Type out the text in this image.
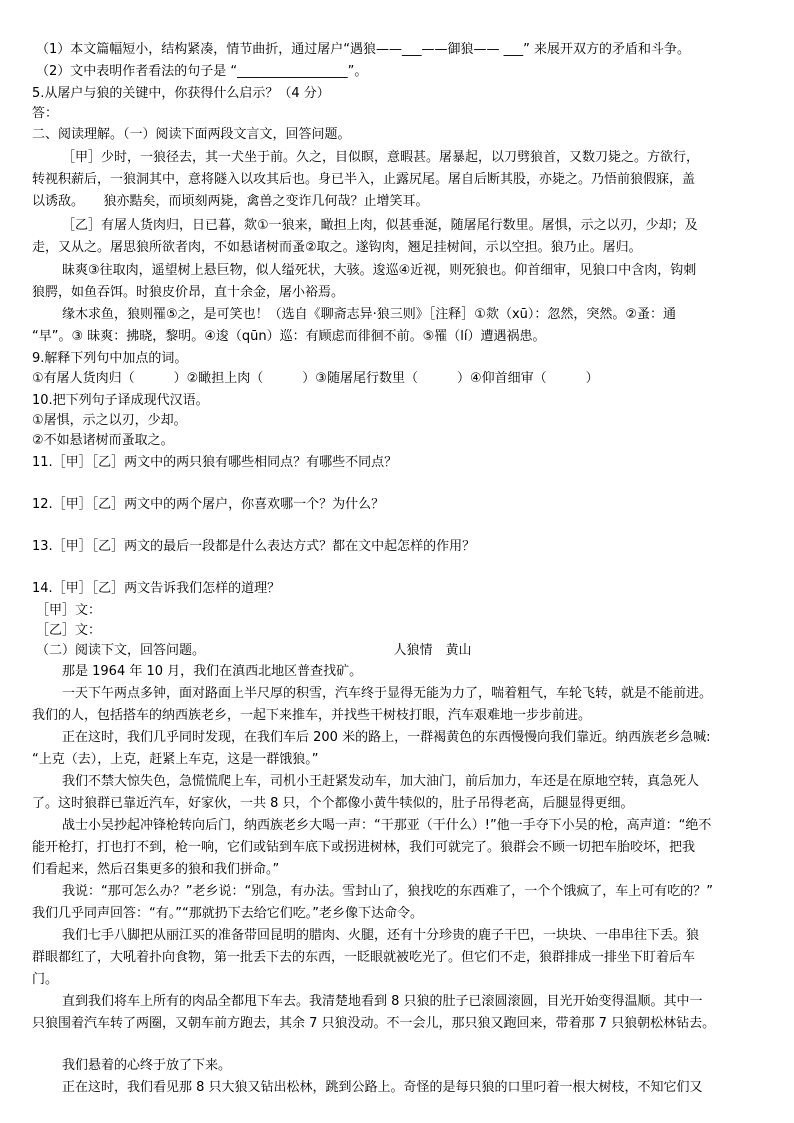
（1）本文篇幅短小，结构紧凑，情节曲折，通过屠户“遇狼——___——御狼—— ___” 来展开双方的矛盾和斗争。
（2）文中表明作者看法的句子是 “_________________”。
5.从屠户与狼的关键中，你获得什么启示？（4 分）
答：
二、阅读理解。（一）阅读下面两段文言文，回答问题。
［甲］少时，一狼径去，其一犬坐于前。久之，目似瞑，意暇甚。屠暴起，以刀劈狼首，又数刀毙之。方欲行，
转视积薪后，一狼洞其中，意将隧入以攻其后也。身已半入，止露尻尾。屠自后断其股，亦毙之。乃悟前狼假寐，盖
以诱敌。　　狼亦黠矣，而顷刻两毙，禽兽之变诈几何哉？止增笑耳。
［乙］有屠人货肉归，日已暮，欻①一狼来，瞰担上肉，似甚垂涎，随屠尾行数里。屠惧，示之以刃，少却；及
走，又从之。屠思狼所欲者肉，不如悬诸树而蚤②取之。遂钩肉，翘足挂树间，示以空担。狼乃止。屠归。
昧爽③往取肉，遥望树上悬巨物，似人缢死状，大骇。逡巡④近视，则死狼也。仰首细审，见狼口中含肉，钩刺
狼腭，如鱼吞饵。时狼皮价昂，直十余金，屠小裕焉。
缘木求鱼，狼则罹⑤之，是可笑也！（选自《聊斋志异·狼三则》［注释］①欻（xū）：忽然，突然。②蚤：通
“早”。③ 昧爽：拂晓，黎明。④逡（qūn）巡：有顾虑而徘徊不前。⑤罹（lí）遭遇祸患。
9.解释下列句中加点的词。
①有屠人货肉归（　　　）②瞰担上肉（　　　）③随屠尾行数里（　　　）④仰首细审（　　　）
10.把下列句子译成现代汉语。
①屠惧，示之以刃，少却。
②不如悬诸树而蚤取之。
11.［甲］［乙］两文中的两只狼有哪些相同点？有哪些不同点？
12.［甲］［乙］两文中的两个屠户，你喜欢哪一个？为什么？
13.［甲］［乙］两文的最后一段都是什么表达方式？都在文中起怎样的作用？
14.［甲］［乙］两文告诉我们怎样的道理？
［甲］文：
［乙］文：
（二）阅读下文，回答问题。　　　　　　　　　　　　　　　人狼情　黄山
那是 1964 年 10 月，我们在滇西北地区普查找矿。
一天下午两点多钟，面对路面上半尺厚的积雪，汽车终于显得无能为力了，喘着粗气，车轮飞转，就是不能前进。
我们的人，包括搭车的纳西族老乡，一起下来推车，并找些干树枝打眼，汽车艰难地一步步前进。
正在这时，我们几乎同时发现，在我们车后 200 米的路上，一群褐黄色的东西慢慢向我们靠近。纳西族老乡急喊:
“上克（去），上克，赶紧上车克，这是一群饿狼。”
我们不禁大惊失色，急慌慌爬上车，司机小王赶紧发动车，加大油门，前后加力，车还是在原地空转，真急死人
了。这时狼群已靠近汽车，好家伙，一共 8 只，个个都像小黄牛犊似的，肚子吊得老高，后腿显得更细。
战士小吴抄起冲锋枪转向后门，纳西族老乡大喝一声：“干那亚（干什么）!”他一手夺下小吴的枪，高声道：“绝不
能开枪打，打也打不到，枪一响，它们或钻到车底下或拐进树林，我们可就完了。狼群会不顾一切把车胎咬坏，把我
们看起来，然后召集更多的狼和我们拼命。”
我说：“那可怎么办？”老乡说：“别急，有办法。雪封山了，狼找吃的东西难了，一个个饿疯了，车上可有吃的？”
我们几乎同声回答：“有。”“那就扔下去给它们吃。”老乡像下达命令。
我们七手八脚把从丽江买的准备带回昆明的腊肉、火腿，还有十分珍贵的鹿子干巴，一块块、一串串往下丢。狼
群眼都红了，大吼着扑向食物，第一批丢下去的东西，一眨眼就被吃光了。但它们不走，狼群排成一排坐下盯着后车
门。
直到我们将车上所有的肉品全都甩下车去。我清楚地看到 8 只狼的肚子已滚圆滚圆，目光开始变得温顺。其中一
只狼围着汽车转了两圈，又朝车前方跑去，其余 7 只狼没动。不一会儿，那只狼又跑回来，带着那 7 只狼朝松林钻去。
我们悬着的心终于放了下来。
正在这时，我们看见那 8 只大狼又钻出松林，跳到公路上。奇怪的是每只狼的口里叼着一根大树枝，不知它们又
